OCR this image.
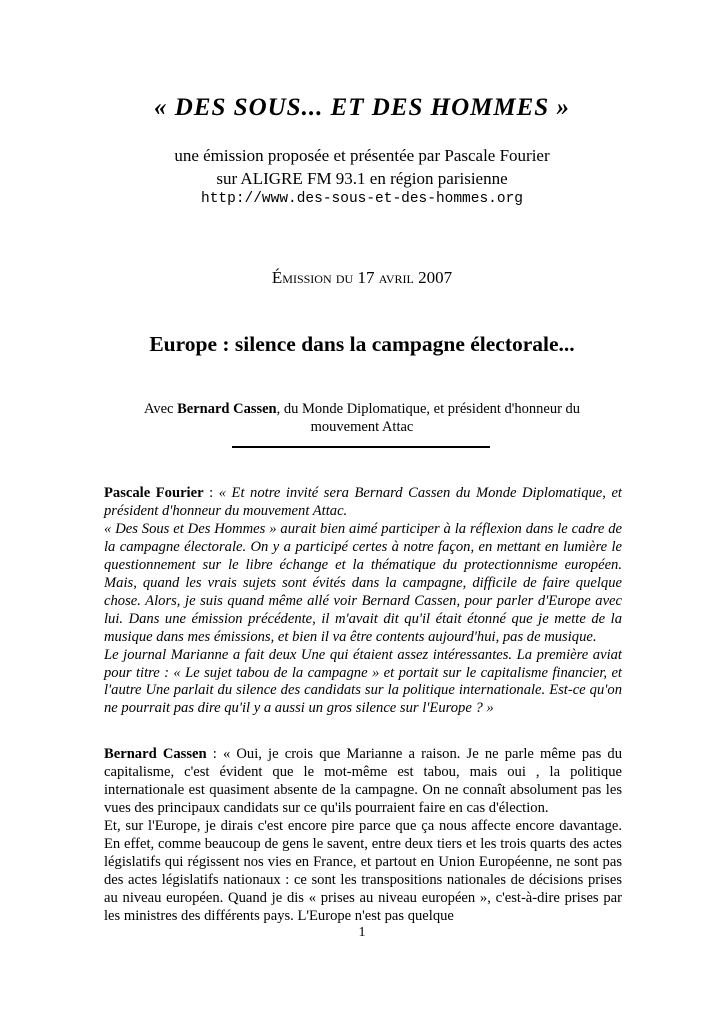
« DES SOUS... ET DES HOMMES »
une émission proposée et présentée par Pascale Fourier
sur ALIGRE FM 93.1 en région parisienne
http://www.des-sous-et-des-hommes.org
Émission du 17 avril 2007
Europe : silence dans la campagne électorale...
Avec Bernard Cassen, du Monde Diplomatique, et président d'honneur du
mouvement Attac

Pascale Fourier : « Et notre invité sera Bernard Cassen du Monde Diplomatique, et président d'honneur du mouvement Attac.

« Des Sous et Des Hommes » aurait bien aimé participer à la réflexion dans le cadre de la campagne électorale. On y a participé certes à notre façon, en mettant en lumière le questionnement sur le libre échange et la thématique du protectionnisme européen. Mais, quand les vrais sujets sont évités dans la campagne, difficile de faire quelque chose. Alors, je suis quand même allé voir Bernard Cassen, pour parler d'Europe avec lui. Dans une émission précédente, il m'avait dit qu'il était étonné que je mette de la musique dans mes émissions, et bien il va être contents aujourd'hui, pas de musique.

Le journal Marianne a fait deux Une qui étaient assez intéressantes. La première aviat pour titre : « Le sujet tabou de la campagne » et portait sur le capitalisme financier, et l'autre Une parlait du silence des candidats sur la politique internationale. Est-ce qu'on ne pourrait pas dire qu'il y a aussi un gros silence sur l'Europe ? »

Bernard Cassen : « Oui, je crois que Marianne a raison. Je ne parle même pas du capitalisme, c'est évident que le mot-même est tabou, mais oui , la politique internationale est quasiment absente de la campagne. On ne connaît absolument pas les vues des principaux candidats sur ce qu'ils pourraient faire en cas d'élection.

Et, sur l'Europe, je dirais c'est encore pire parce que ça nous affecte encore davantage. En effet, comme beaucoup de gens le savent, entre deux tiers et les trois quarts des actes législatifs qui régissent nos vies en France, et partout en Union Européenne, ne sont pas des actes législatifs nationaux : ce sont les transpositions nationales de décisions prises au niveau européen. Quand je dis « prises au niveau européen », c'est-à-dire prises par les ministres des différents pays. L'Europe n'est pas quelque

1
